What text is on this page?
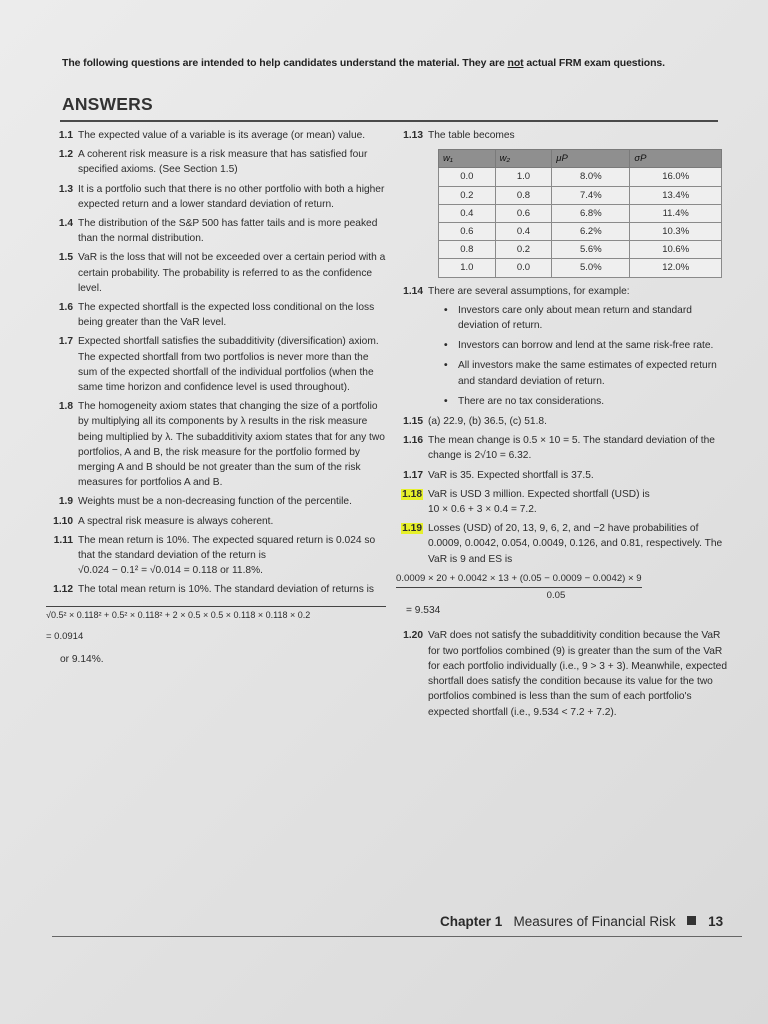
The following questions are intended to help candidates understand the material. They are not actual FRM exam questions.
ANSWERS
1.1 The expected value of a variable is its average (or mean) value.
1.2 A coherent risk measure is a risk measure that has satisfied four specified axioms. (See Section 1.5)
1.3 It is a portfolio such that there is no other portfolio with both a higher expected return and a lower standard deviation of return.
1.4 The distribution of the S&P 500 has fatter tails and is more peaked than the normal distribution.
1.5 VaR is the loss that will not be exceeded over a certain period with a certain probability. The probability is referred to as the confidence level.
1.6 The expected shortfall is the expected loss conditional on the loss being greater than the VaR level.
1.7 Expected shortfall satisfies the subadditivity (diversification) axiom. The expected shortfall from two portfolios is never more than the sum of the expected shortfall of the individual portfolios (when the same time horizon and confidence level is used throughout).
1.8 The homogeneity axiom states that changing the size of a portfolio by multiplying all its components by λ results in the risk measure being multiplied by λ. The subadditivity axiom states that for any two portfolios, A and B, the risk measure for the portfolio formed by merging A and B should be not greater than the sum of the risk measures for portfolios A and B.
1.9 Weights must be a non-decreasing function of the percentile.
1.10 A spectral risk measure is always coherent.
1.11 The mean return is 10%. The expected squared return is 0.024 so that the standard deviation of the return is
√0.024 − 0.1² = √0.014 = 0.118 or 11.8%.
1.12 The total mean return is 10%. The standard deviation of returns is
√0.5² × 0.118² + 0.5² × 0.118² + 2 × 0.5 × 0.5 × 0.118 × 0.118 × 0.2
= 0.0914
or 9.14%.
1.13 The table becomes
w₁	w₂	μP	σP
0.0	1.0	8.0%	16.0%
0.2	0.8	7.4%	13.4%
0.4	0.6	6.8%	11.4%
0.6	0.4	6.2%	10.3%
0.8	0.2	5.6%	10.6%
1.0	0.0	5.0%	12.0%
1.14 There are several assumptions, for example:
• Investors care only about mean return and standard deviation of return.
• Investors can borrow and lend at the same risk-free rate.
• All investors make the same estimates of expected return and standard deviation of return.
• There are no tax considerations.
1.15 (a) 22.9, (b) 36.5, (c) 51.8.
1.16 The mean change is 0.5 × 10 = 5. The standard deviation of the change is 2√10 = 6.32.
1.17 VaR is 35. Expected shortfall is 37.5.
1.18 VaR is USD 3 million. Expected shortfall (USD) is
10 × 0.6 + 3 × 0.4 = 7.2.
1.19 Losses (USD) of 20, 13, 9, 6, 2, and −2 have probabilities of 0.0009, 0.0042, 0.054, 0.0049, 0.126, and 0.81, respectively. The VaR is 9 and ES is
0.0009 × 20 + 0.0042 × 13 + (0.05 − 0.0009 − 0.0042) × 9
0.05
= 9.534
1.20 VaR does not satisfy the subadditivity condition because the VaR for two portfolios combined (9) is greater than the sum of the VaR for each portfolio individually (i.e., 9 > 3 + 3). Meanwhile, expected shortfall does satisfy the condition because its value for the two portfolios combined is less than the sum of each portfolio's expected shortfall (i.e., 9.534 < 7.2 + 7.2).
Chapter 1 Measures of Financial Risk 13
